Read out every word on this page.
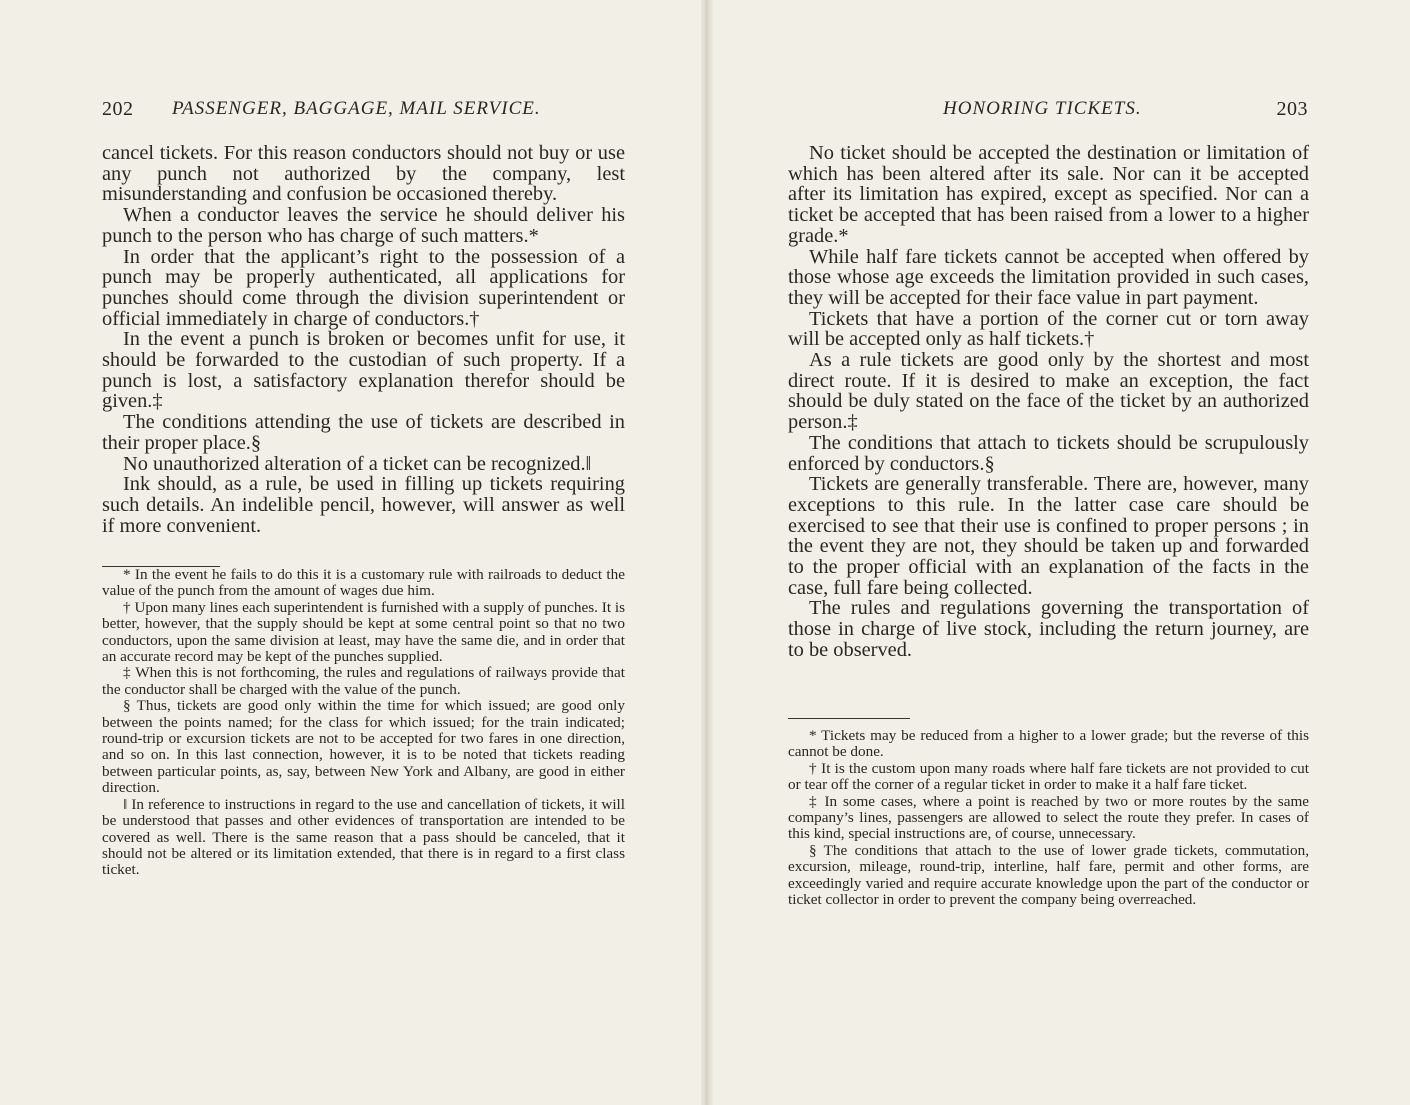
202 PASSENGER, BAGGAGE, MAIL SERVICE.

cancel tickets. For this reason conductors should not buy or use any punch not authorized by the company, lest misunderstanding and confusion be occasioned thereby.

When a conductor leaves the service he should deliver his punch to the person who has charge of such matters.*

In order that the applicant’s right to the possession of a punch may be properly authenticated, all applications for punches should come through the division superintendent or official immediately in charge of conductors.†

In the event a punch is broken or becomes unfit for use, it should be forwarded to the custodian of such property. If a punch is lost, a satisfactory explanation therefor should be given.‡

The conditions attending the use of tickets are described in their proper place.§

No unauthorized alteration of a ticket can be recognized.‖

Ink should, as a rule, be used in filling up tickets requiring such details. An indelible pencil, however, will answer as well if more convenient.

* In the event he fails to do this it is a customary rule with railroads to deduct the value of the punch from the amount of wages due him.

† Upon many lines each superintendent is furnished with a supply of punches. It is better, however, that the supply should be kept at some central point so that no two conductors, upon the same division at least, may have the same die, and in order that an accurate record may be kept of the punches supplied.

‡ When this is not forthcoming, the rules and regulations of railways provide that the conductor shall be charged with the value of the punch.

§ Thus, tickets are good only within the time for which issued; are good only between the points named; for the class for which issued; for the train indicated; round-trip or excursion tickets are not to be accepted for two fares in one direction, and so on. In this last connection, however, it is to be noted that tickets reading between particular points, as, say, between New York and Albany, are good in either direction.

‖ In reference to instructions in regard to the use and cancellation of tickets, it will be understood that passes and other evidences of transportation are intended to be covered as well. There is the same reason that a pass should be canceled, that it should not be altered or its limitation extended, that there is in regard to a first class ticket.

HONORING TICKETS.	203

No ticket should be accepted the destination or limitation of which has been altered after its sale. Nor can it be accepted after its limitation has expired, except as specified. Nor can a ticket be accepted that has been raised from a lower to a higher grade.*

While half fare tickets cannot be accepted when offered by those whose age exceeds the limitation provided in such cases, they will be accepted for their face value in part payment.

Tickets that have a portion of the corner cut or torn away will be accepted only as half tickets.†

As a rule tickets are good only by the shortest and most direct route. If it is desired to make an exception, the fact should be duly stated on the face of the ticket by an authorized person.‡

The conditions that attach to tickets should be scrupulously enforced by conductors.§

Tickets are generally transferable. There are, however, many exceptions to this rule. In the latter case care should be exercised to see that their use is confined to proper persons ; in the event they are not, they should be taken up and forwarded to the proper official with an explanation of the facts in the case, full fare being collected.

The rules and regulations governing the transportation of those in charge of live stock, including the return journey, are to be observed.

* Tickets may be reduced from a higher to a lower grade; but the reverse of this cannot be done.

† It is the custom upon many roads where half fare tickets are not provided to cut or tear off the corner of a regular ticket in order to make it a half fare ticket.

‡ In some cases, where a point is reached by two or more routes by the same company’s lines, passengers are allowed to select the route they prefer. In cases of this kind, special instructions are, of course, unnecessary.

§ The conditions that attach to the use of lower grade tickets, commutation, excursion, mileage, round-trip, interline, half fare, permit and other forms, are exceedingly varied and require accurate knowledge upon the part of the conductor or ticket collector in order to prevent the company being overreached.
